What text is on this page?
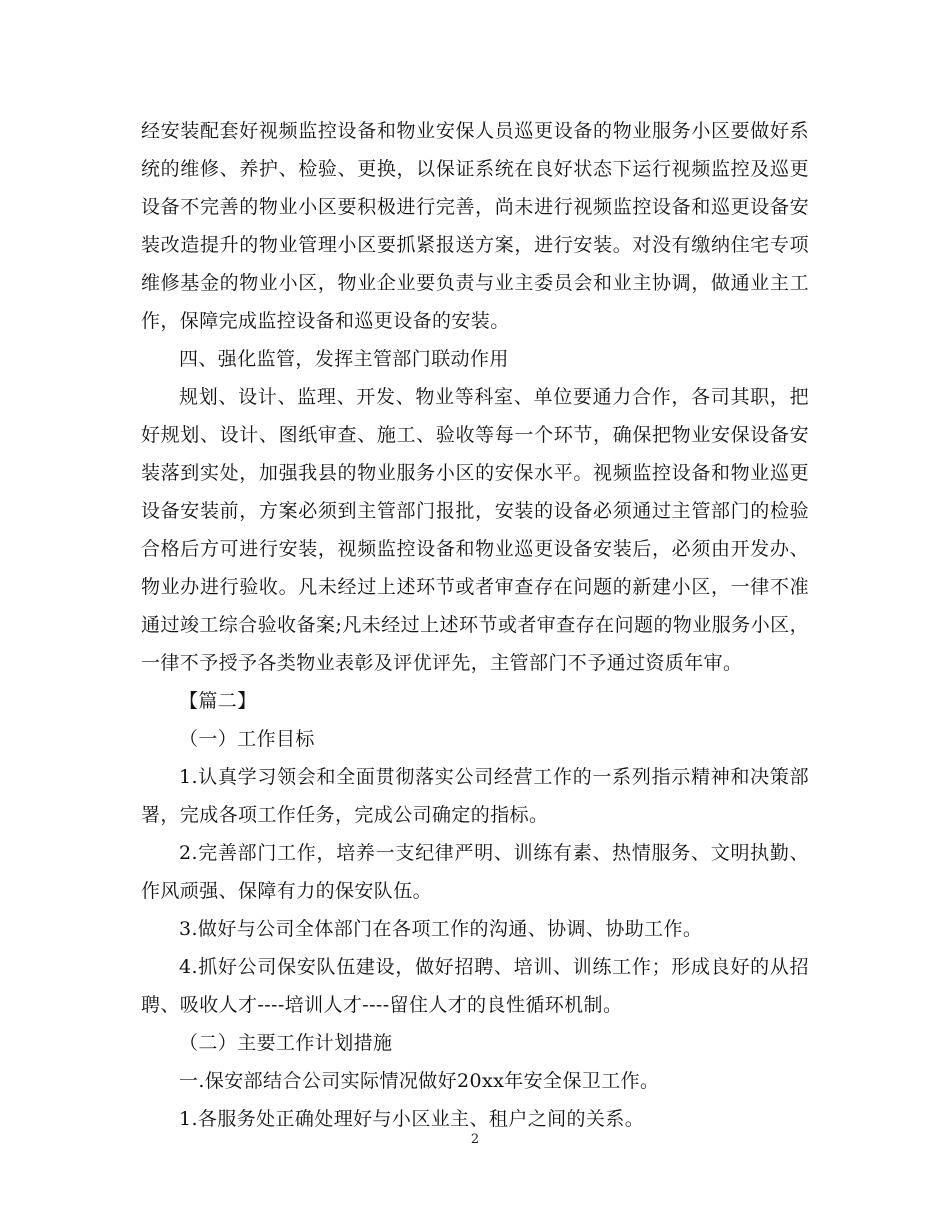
经安装配套好视频监控设备和物业安保人员巡更设备的物业服务小区要做好系统的维修、养护、检验、更换，以保证系统在良好状态下运行视频监控及巡更设备不完善的物业小区要积极进行完善，尚未进行视频监控设备和巡更设备安装改造提升的物业管理小区要抓紧报送方案，进行安装。对没有缴纳住宅专项维修基金的物业小区，物业企业要负责与业主委员会和业主协调，做通业主工作，保障完成监控设备和巡更设备的安装。

四、强化监管，发挥主管部门联动作用

规划、设计、监理、开发、物业等科室、单位要通力合作，各司其职，把好规划、设计、图纸审查、施工、验收等每一个环节，确保把物业安保设备安装落到实处，加强我县的物业服务小区的安保水平。视频监控设备和物业巡更设备安装前，方案必须到主管部门报批，安装的设备必须通过主管部门的检验合格后方可进行安装，视频监控设备和物业巡更设备安装后，必须由开发办、物业办进行验收。凡未经过上述环节或者审查存在问题的新建小区，一律不准通过竣工综合验收备案;凡未经过上述环节或者审查存在问题的物业服务小区，一律不予授予各类物业表彰及评优评先，主管部门不予通过资质年审。

【篇二】

（一）工作目标

1.认真学习领会和全面贯彻落实公司经营工作的一系列指示精神和决策部署，完成各项工作任务，完成公司确定的指标。

2.完善部门工作，培养一支纪律严明、训练有素、热情服务、文明执勤、作风顽强、保障有力的保安队伍。

3.做好与公司全体部门在各项工作的沟通、协调、协助工作。

4.抓好公司保安队伍建设，做好招聘、培训、训练工作；形成良好的从招聘、吸收人才----培训人才----留住人才的良性循环机制。

（二）主要工作计划措施

一.保安部结合公司实际情况做好20xx年安全保卫工作。

1.各服务处正确处理好与小区业主、租户之间的关系。

2
